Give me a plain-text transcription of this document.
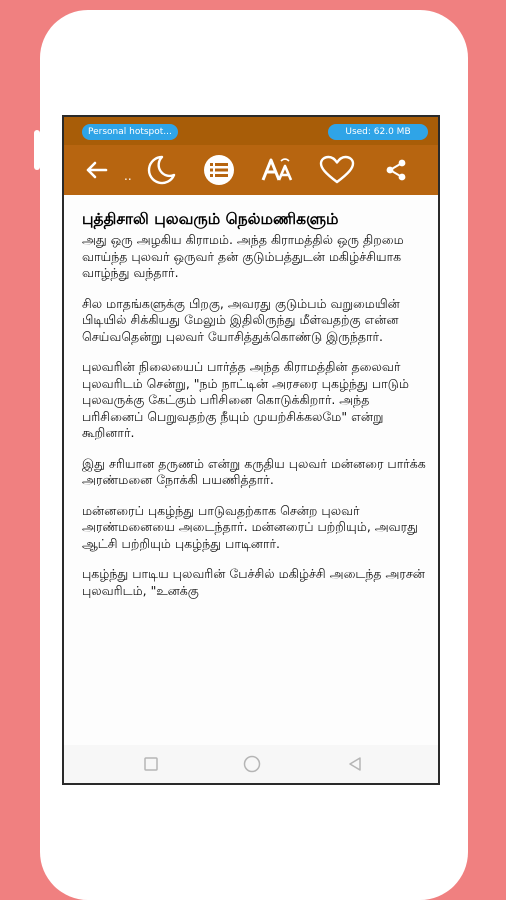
Personal hotspot...	Used: 62.0 MB
..
புத்திசாலி புலவரும் நெல்மணிகளும்

அது ஒரு அழகிய கிராமம். அந்த கிராமத்தில் ஒரு திறமை வாய்ந்த புலவர் ஒருவர் தன் குடும்பத்துடன் மகிழ்ச்சியாக வாழ்ந்து வந்தார்.

சில மாதங்களுக்கு பிறகு, அவரது குடும்பம் வறுமையின் பிடியில் சிக்கியது மேலும் இதிலிருந்து மீள்வதற்கு என்ன செய்வதென்று புலவர் யோசித்துக்கொண்டு இருந்தார்.

புலவரின் நிலையைப் பார்த்த அந்த கிராமத்தின் தலைவர் புலவரிடம் சென்று, "நம் நாட்டின் அரசரை புகழ்ந்து பாடும் புலவருக்கு கேட்கும் பரிசினை கொடுக்கிறார். அந்த பரிசினைப் பெறுவதற்கு நீயும் முயற்சிக்கலமே" என்று கூறினார்.

இது சரியான தருணம் என்று கருதிய புலவர் மன்னரை பார்க்க அரண்மனை நோக்கி பயணித்தார்.

மன்னரைப் புகழ்ந்து பாடுவதற்காக சென்ற புலவர் அரண்மனையை அடைந்தார். மன்னரைப் பற்றியும், அவரது ஆட்சி பற்றியும் புகழ்ந்து பாடினார்.

புகழ்ந்து பாடிய புலவரின் பேச்சில் மகிழ்ச்சி அடைந்த அரசன் புலவரிடம், "உனக்கு
